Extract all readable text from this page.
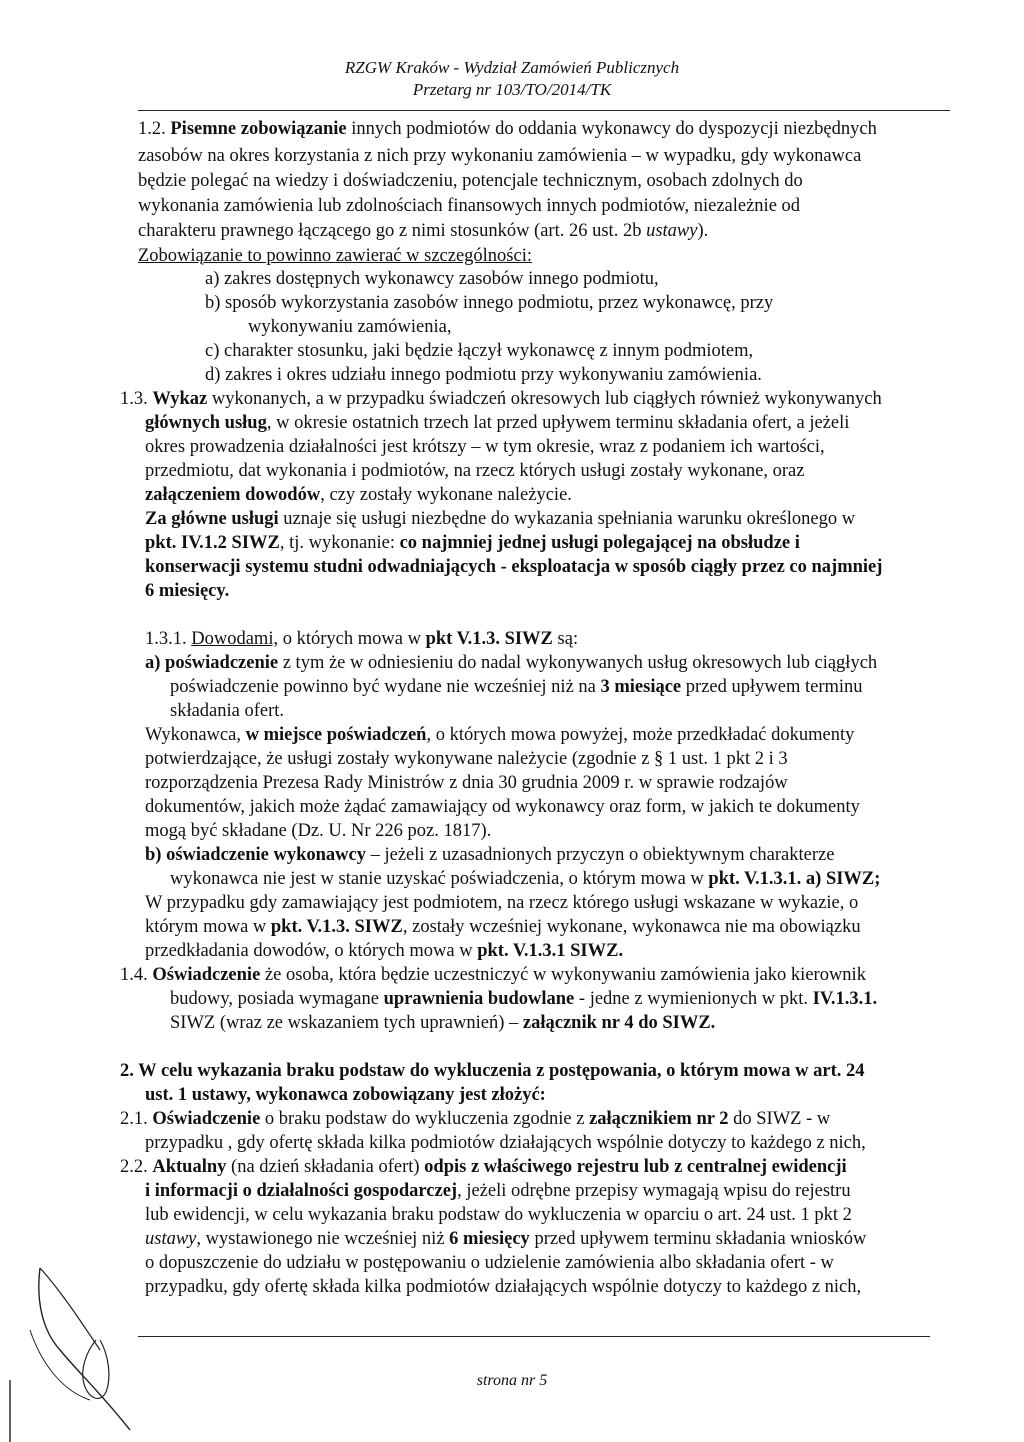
RZGW Kraków - Wydział Zamówień Publicznych
Przetarg nr 103/TO/2014/TK
1.2. Pisemne zobowiązanie innych podmiotów do oddania wykonawcy do dyspozycji niezbędnych
zasobów na okres korzystania z nich przy wykonaniu zamówienia – w wypadku, gdy wykonawca
będzie polegać na wiedzy i doświadczeniu, potencjale technicznym, osobach zdolnych do
wykonania zamówienia lub zdolnościach finansowych innych podmiotów, niezależnie od
charakteru prawnego łączącego go z nimi stosunków (art. 26 ust. 2b ustawy).
Zobowiązanie to powinno zawierać w szczególności:
a) zakres dostępnych wykonawcy zasobów innego podmiotu,
b) sposób wykorzystania zasobów innego podmiotu, przez wykonawcę, przy
wykonywaniu zamówienia,
c) charakter stosunku, jaki będzie łączył wykonawcę z innym podmiotem,
d) zakres i okres udziału innego podmiotu przy wykonywaniu zamówienia.
1.3. Wykaz wykonanych, a w przypadku świadczeń okresowych lub ciągłych również wykonywanych
głównych usług, w okresie ostatnich trzech lat przed upływem terminu składania ofert, a jeżeli
okres prowadzenia działalności jest krótszy – w tym okresie, wraz z podaniem ich wartości,
przedmiotu, dat wykonania i podmiotów, na rzecz których usługi zostały wykonane, oraz
załączeniem dowodów, czy zostały wykonane należycie.
Za główne usługi uznaje się usługi niezbędne do wykazania spełniania warunku określonego w
pkt. IV.1.2 SIWZ, tj. wykonanie: co najmniej jednej usługi polegającej na obsłudze i
konserwacji systemu studni odwadniających - eksploatacja w sposób ciągły przez co najmniej
6 miesięcy.
1.3.1. Dowodami, o których mowa w pkt V.1.3. SIWZ są:
a) poświadczenie z tym że w odniesieniu do nadal wykonywanych usług okresowych lub ciągłych
poświadczenie powinno być wydane nie wcześniej niż na 3 miesiące przed upływem terminu
składania ofert.
Wykonawca, w miejsce poświadczeń, o których mowa powyżej, może przedkładać dokumenty
potwierdzające, że usługi zostały wykonywane należycie (zgodnie z § 1 ust. 1 pkt 2 i 3
rozporządzenia Prezesa Rady Ministrów z dnia 30 grudnia 2009 r. w sprawie rodzajów
dokumentów, jakich może żądać zamawiający od wykonawcy oraz form, w jakich te dokumenty
mogą być składane (Dz. U. Nr 226 poz. 1817).
b) oświadczenie wykonawcy – jeżeli z uzasadnionych przyczyn o obiektywnym charakterze
wykonawca nie jest w stanie uzyskać poświadczenia, o którym mowa w pkt. V.1.3.1. a) SIWZ;
W przypadku gdy zamawiający jest podmiotem, na rzecz którego usługi wskazane w wykazie, o
którym mowa w pkt. V.1.3. SIWZ, zostały wcześniej wykonane, wykonawca nie ma obowiązku
przedkładania dowodów, o których mowa w pkt. V.1.3.1 SIWZ.
1.4. Oświadczenie że osoba, która będzie uczestniczyć w wykonywaniu zamówienia jako kierownik
budowy, posiada wymagane uprawnienia budowlane - jedne z wymienionych w pkt. IV.1.3.1.
SIWZ (wraz ze wskazaniem tych uprawnień) – załącznik nr 4 do SIWZ.
2. W celu wykazania braku podstaw do wykluczenia z postępowania, o którym mowa w art. 24
ust. 1 ustawy, wykonawca zobowiązany jest złożyć:
2.1. Oświadczenie o braku podstaw do wykluczenia zgodnie z załącznikiem nr 2 do SIWZ - w
przypadku , gdy ofertę składa kilka podmiotów działających wspólnie dotyczy to każdego z nich,
2.2. Aktualny (na dzień składania ofert) odpis z właściwego rejestru lub z centralnej ewidencji
i informacji o działalności gospodarczej, jeżeli odrębne przepisy wymagają wpisu do rejestru
lub ewidencji, w celu wykazania braku podstaw do wykluczenia w oparciu o art. 24 ust. 1 pkt 2
ustawy, wystawionego nie wcześniej niż 6 miesięcy przed upływem terminu składania wniosków
o dopuszczenie do udziału w postępowaniu o udzielenie zamówienia albo składania ofert - w
przypadku, gdy ofertę składa kilka podmiotów działających wspólnie dotyczy to każdego z nich,
strona nr 5
